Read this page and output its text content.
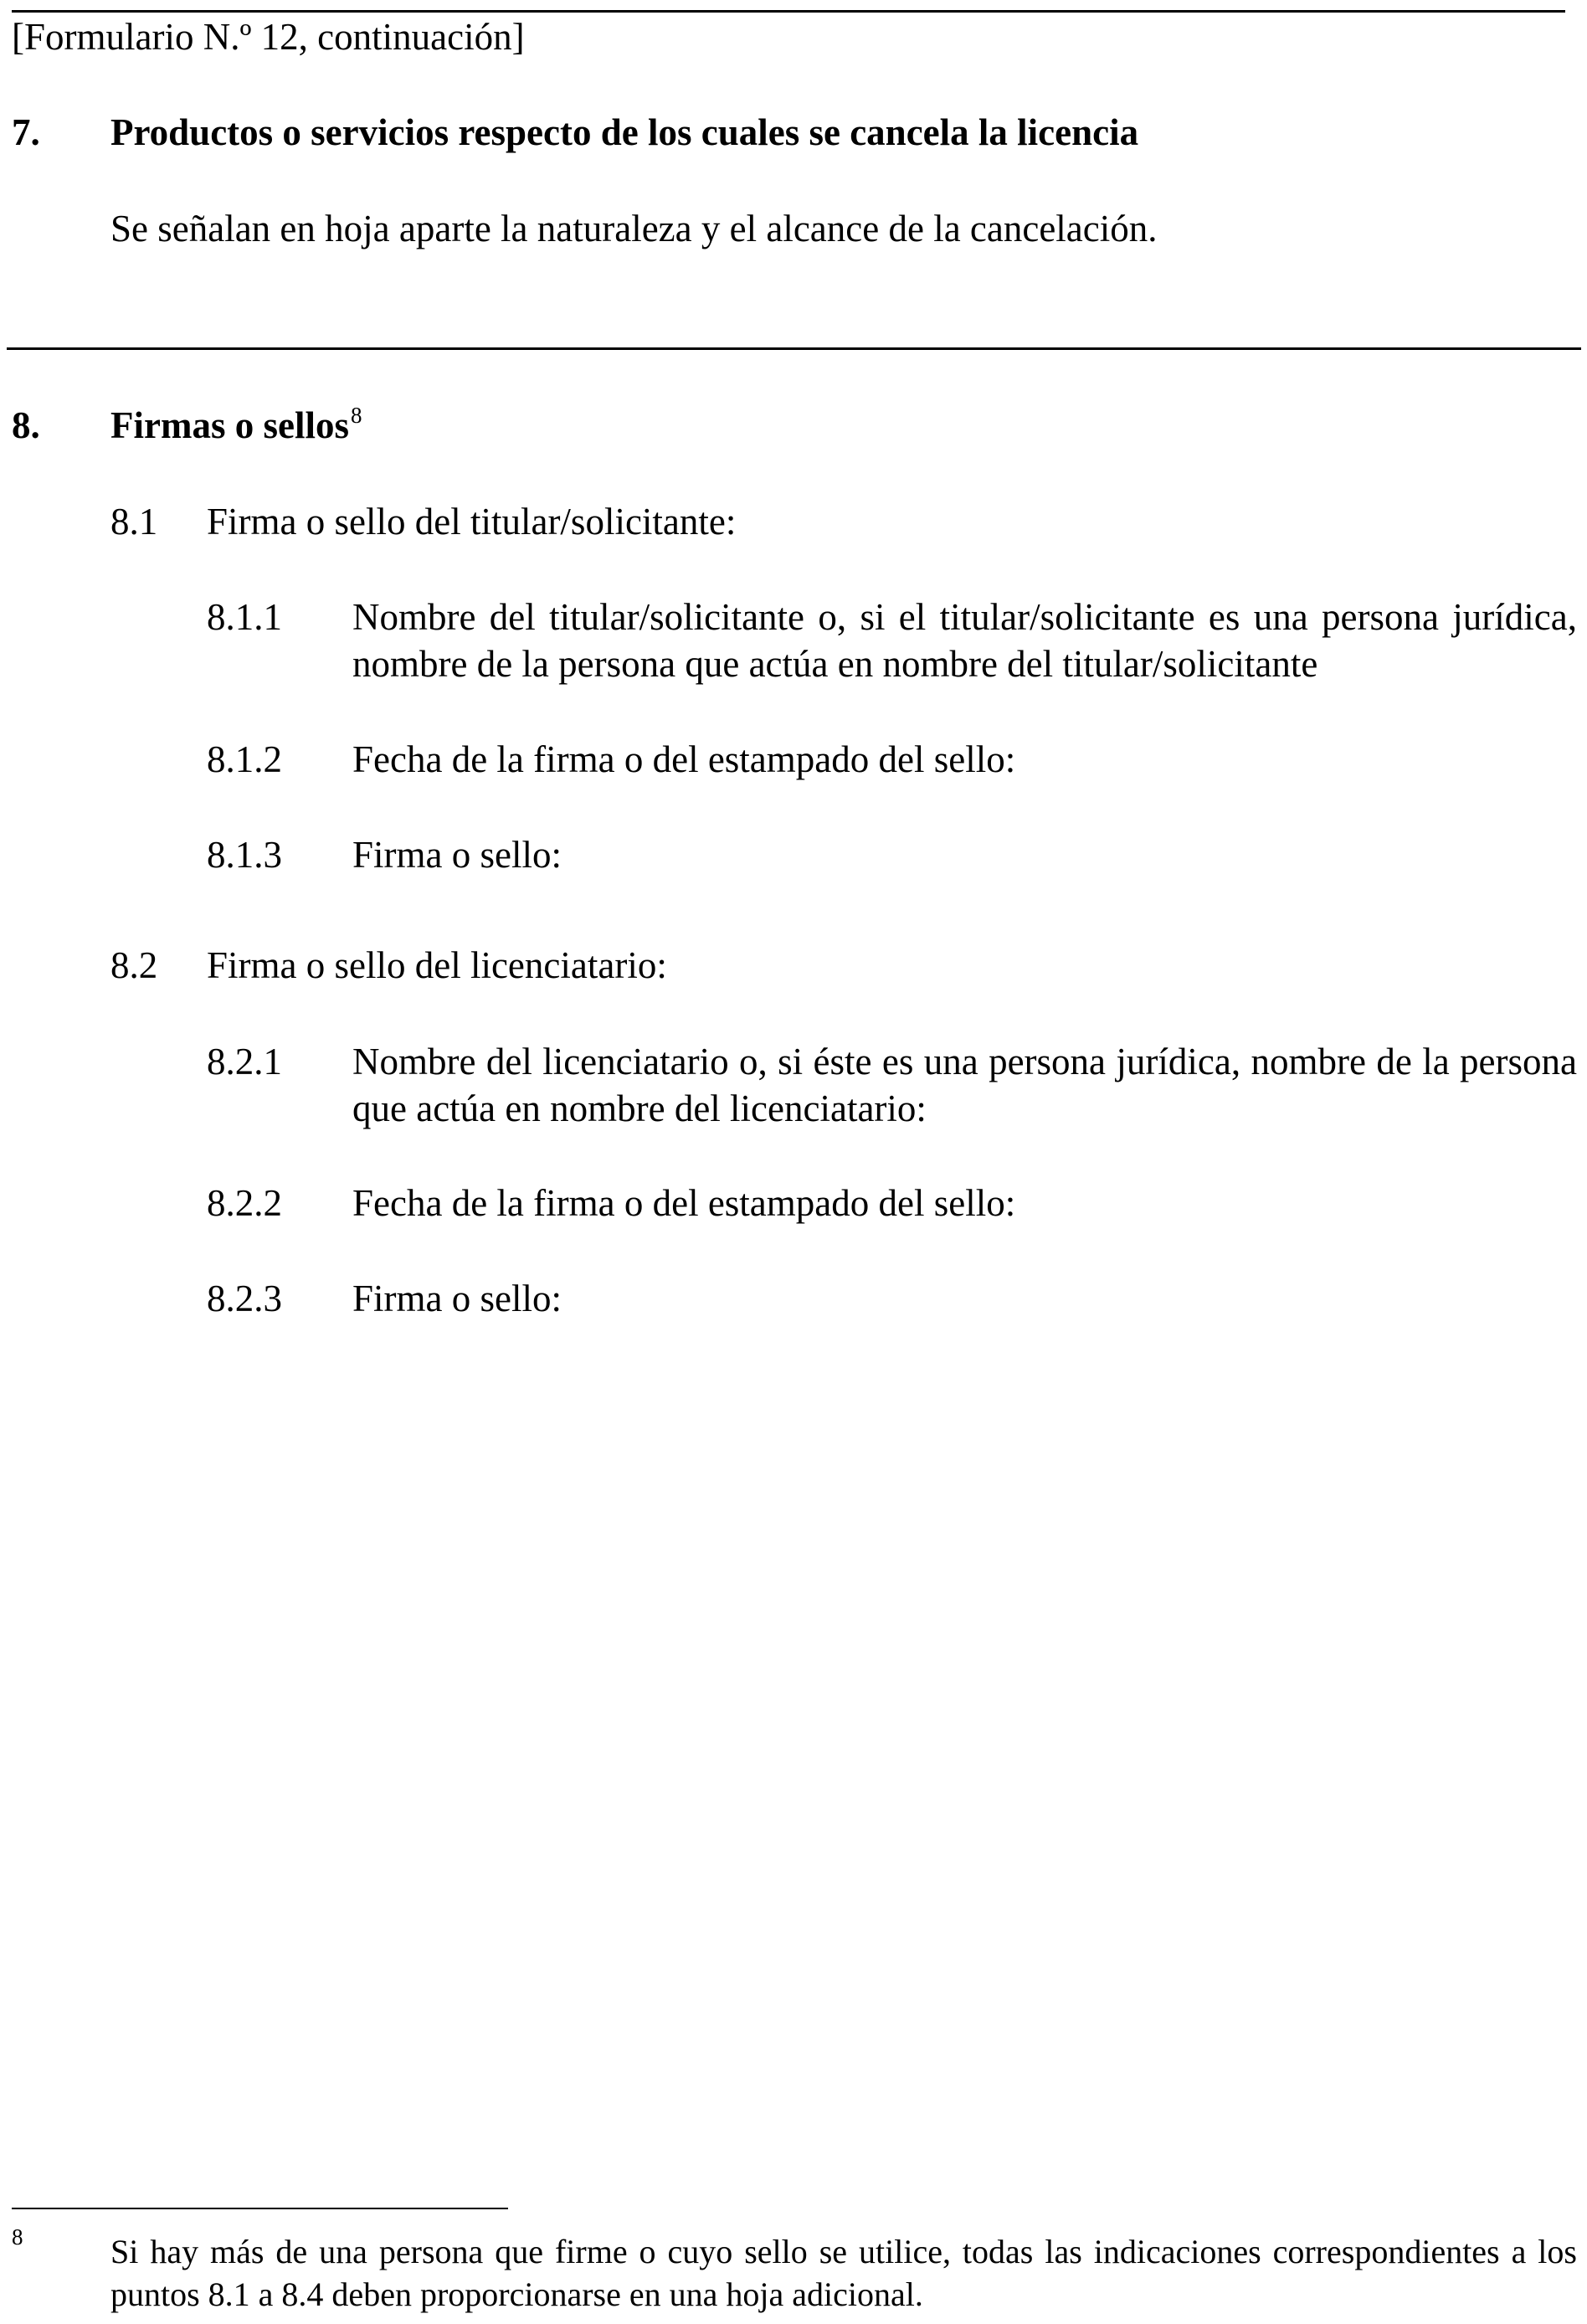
[Formulario N.º 12, continuación]
7. Productos o servicios respecto de los cuales se cancela la licencia
Se señalan en hoja aparte la naturaleza y el alcance de la cancelación.
8. Firmas o sellos$^8$
8.1 Firma o sello del titular/solicitante:
8.1.1 Nombre del titular/solicitante o, si el titular/solicitante es una persona jurídica, nombre de la persona que actúa en nombre del titular/solicitante
8.1.2 Fecha de la firma o del estampado del sello:
8.1.3 Firma o sello:
8.2 Firma o sello del licenciatario:
8.2.1 Nombre del licenciatario o, si éste es una persona jurídica, nombre de la persona que actúa en nombre del licenciatario:
8.2.2 Fecha de la firma o del estampado del sello:
8.2.3 Firma o sello:
8	Si hay más de una persona que firme o cuyo sello se utilice, todas las indicaciones correspondientes a los puntos 8.1 a 8.4 deben proporcionarse en una hoja adicional.
